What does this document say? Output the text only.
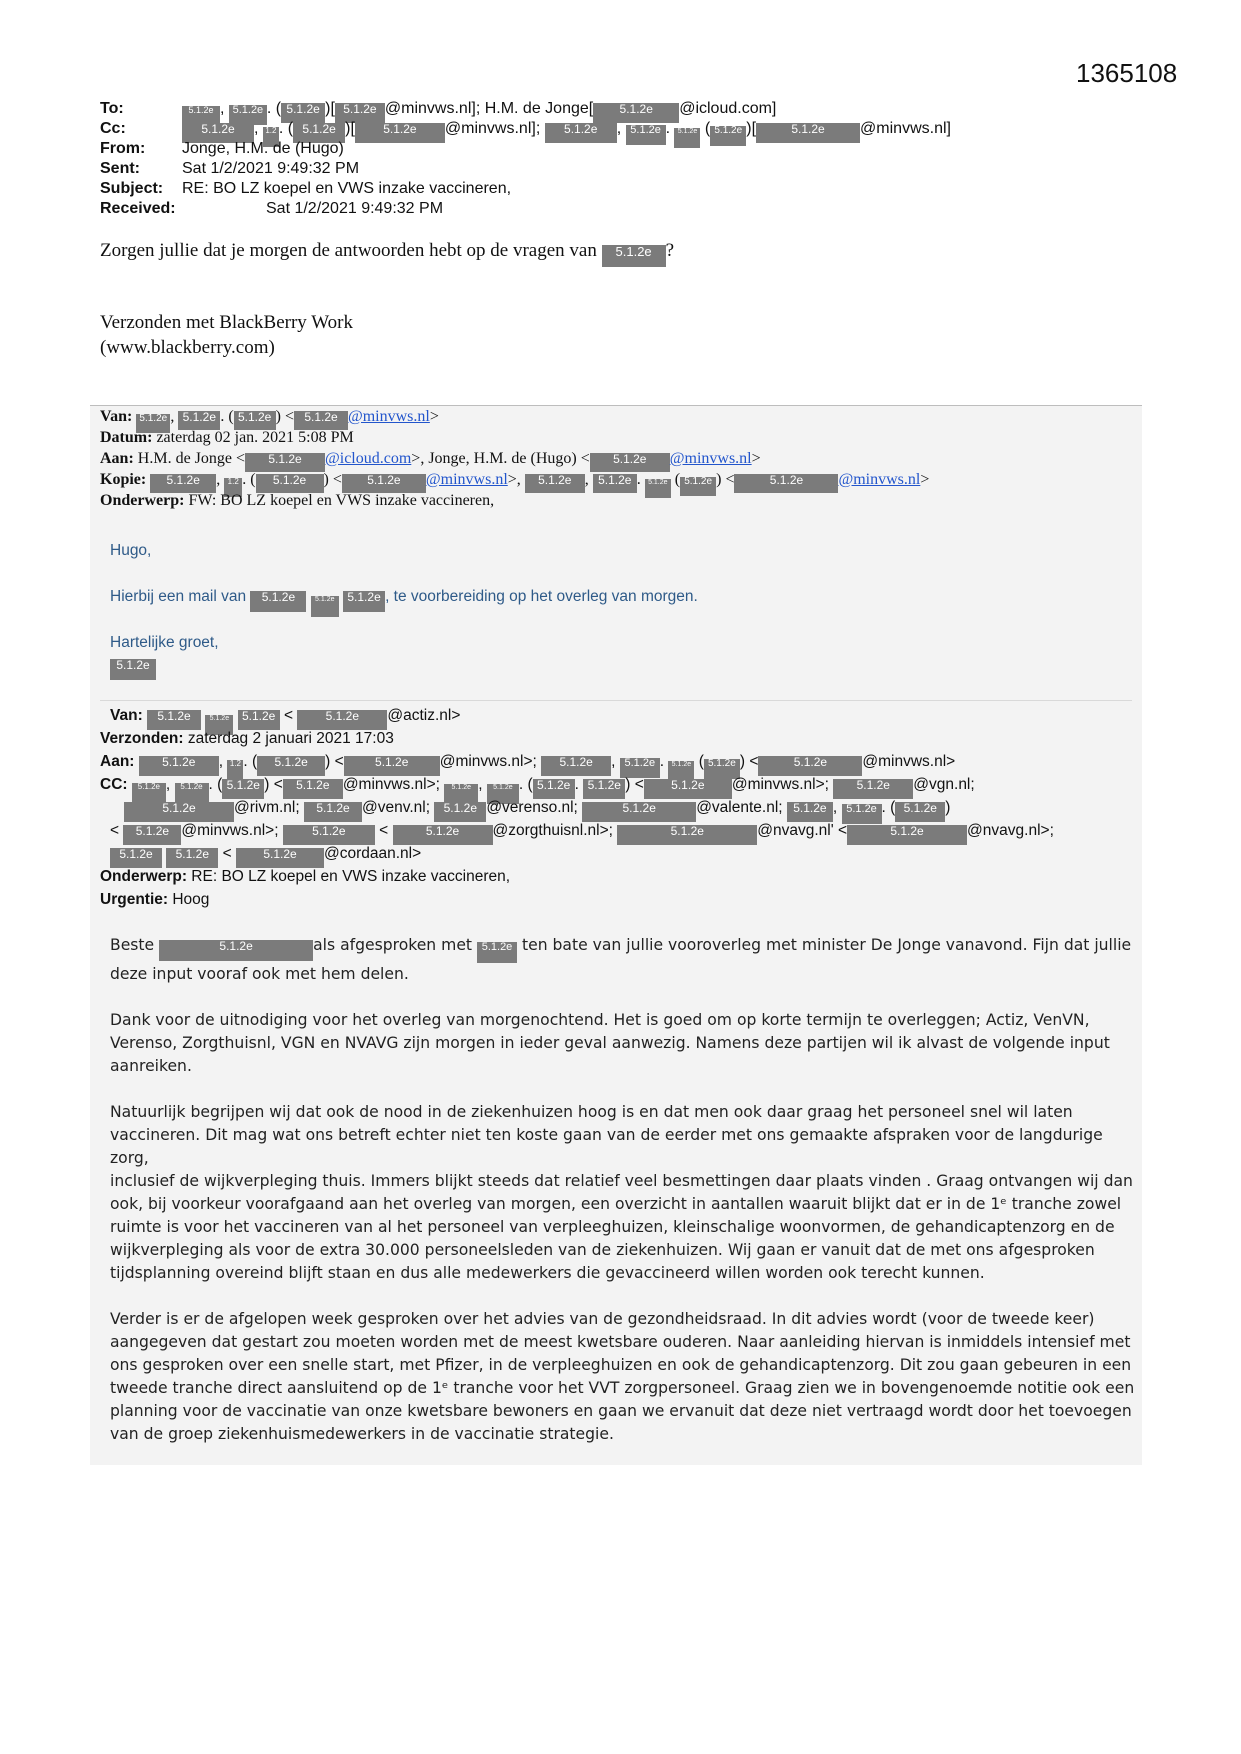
1365108
To:	5.1.2e , 5.1.2e . ( 5.1.2e )[ 5.1.2e @minvws.nl]; H.M. de Jonge[ 5.1.2e @icloud.com]
Cc:	5.1.2e , 1.2 . ( 5.1.2e )[ 5.1.2e @minvws.nl]; 5.1.2e , 5.1.2e . 5.1.2e ( 5.1.2e )[	5.1.2e @minvws.nl]
From: Jonge, H.M. de (Hugo)
Sent:	Sat 1/2/2021 9:49:32 PM
Subject: RE: BO LZ koepel en VWS inzake vaccineren,
Received:	Sat 1/2/2021 9:49:32 PM
Zorgen jullie dat je morgen de antwoorden hebt op de vragen van 5.1.2e ?
Verzonden met BlackBerry Work
(www.blackberry.com)
Van: 5.1.2e , 5.1.2e . ( 5.1.2e ) < 5.1.2e @minvws.nl>
Datum: zaterdag 02 jan. 2021 5:08 PM
Aan: H.M. de Jonge < 5.1.2e @icloud.com>, Jonge, H.M. de (Hugo) < 5.1.2e @minvws.nl>
Kopie: 5.1.2e , 1.2 . ( 5.1.2e ) < 5.1.2e @minvws.nl>, 5.1.2e , 5.1.2e . 5.1.2e ( 5.1.2e ) <	5.1.2e @minvws.nl>
Onderwerp: FW: BO LZ koepel en VWS inzake vaccineren,
Hugo,
Hierbij een mail van 5.1.2e	5.1.2e 5.1.2e , te voorbereiding op het overleg van morgen.
Hartelijke groet,
5.1.2e
Van: 5.1.2e	5.1.2e 5.1.2e < 5.1.2e @actiz.nl>
Verzonden: zaterdag 2 januari 2021 17:03
Aan: 5.1.2e , 1.2 . ( 5.1.2e ) <	5.1.2e @minvws.nl>; 5.1.2e , 5.1.2e . 5.1.2e ( 5.1.2e ) <	5.1.2e @minvws.nl>
CC: 5.1.2e , 5.1.2e . ( 5.1.2e ) < 5.1.2e @minvws.nl>; 5.1.2e , 5.1.2e . ( 5.1.2e . 5.1.2e ) < 5.1.2e @minvws.nl>; 5.1.2e @vgn.nl;
5.1.2e @rivm.nl; 5.1.2e @venv.nl; 5.1.2e @verenso.nl;	5.1.2e	@valente.nl; 5.1.2e , 5.1.2e . ( 5.1.2e )
< 5.1.2e @minvws.nl>; 5.1.2e <	5.1.2e @zorgthuisnl.nl>;	5.1.2e	@nvavg.nl' <	5.1.2e	@nvavg.nl>;
5.1.2e 5.1.2e <	5.1.2e @cordaan.nl>
Onderwerp: RE: BO LZ koepel en VWS inzake vaccineren,
Urgentie: Hoog
Beste	5.1.2e	als afgesproken met 5.1.2e ten bate van jullie vooroverleg met minister De Jonge vanavond. Fijn dat jullie
deze input vooraf ook met hem delen.
Dank voor de uitnodiging voor het overleg van morgenochtend. Het is goed om op korte termijn te overleggen; Actiz, VenVN,
Verenso, Zorgthuisnl, VGN en NVAVG zijn morgen in ieder geval aanwezig. Namens deze partijen wil ik alvast de volgende input
aanreiken.
Natuurlijk begrijpen wij dat ook de nood in de ziekenhuizen hoog is en dat men ook daar graag het personeel snel wil laten
vaccineren. Dit mag wat ons betreft echter niet ten koste gaan van de eerder met ons gemaakte afspraken voor de langdurige zorg,
inclusief de wijkverpleging thuis. Immers blijkt steeds dat relatief veel besmettingen daar plaats vinden . Graag ontvangen wij dan
ook, bij voorkeur voorafgaand aan het overleg van morgen, een overzicht in aantallen waaruit blijkt dat er in de 1ᵉ tranche zowel
ruimte is voor het vaccineren van al het personeel van verpleeghuizen, kleinschalige woonvormen, de gehandicaptenzorg en de
wijkverpleging als voor de extra 30.000 personeelsleden van de ziekenhuizen. Wij gaan er vanuit dat de met ons afgesproken
tijdsplanning overeind blijft staan en dus alle medewerkers die gevaccineerd willen worden ook terecht kunnen.
Verder is er de afgelopen week gesproken over het advies van de gezondheidsraad. In dit advies wordt (voor de tweede keer)
aangegeven dat gestart zou moeten worden met de meest kwetsbare ouderen. Naar aanleiding hiervan is inmiddels intensief met
ons gesproken over een snelle start, met Pfizer, in de verpleeghuizen en ook de gehandicaptenzorg. Dit zou gaan gebeuren in een
tweede tranche direct aansluitend op de 1ᵉ tranche voor het VVT zorgpersoneel. Graag zien we in bovengenoemde notitie ook een
planning voor de vaccinatie van onze kwetsbare bewoners en gaan we ervanuit dat deze niet vertraagd wordt door het toevoegen
van de groep ziekenhuismedewerkers in de vaccinatie strategie.
